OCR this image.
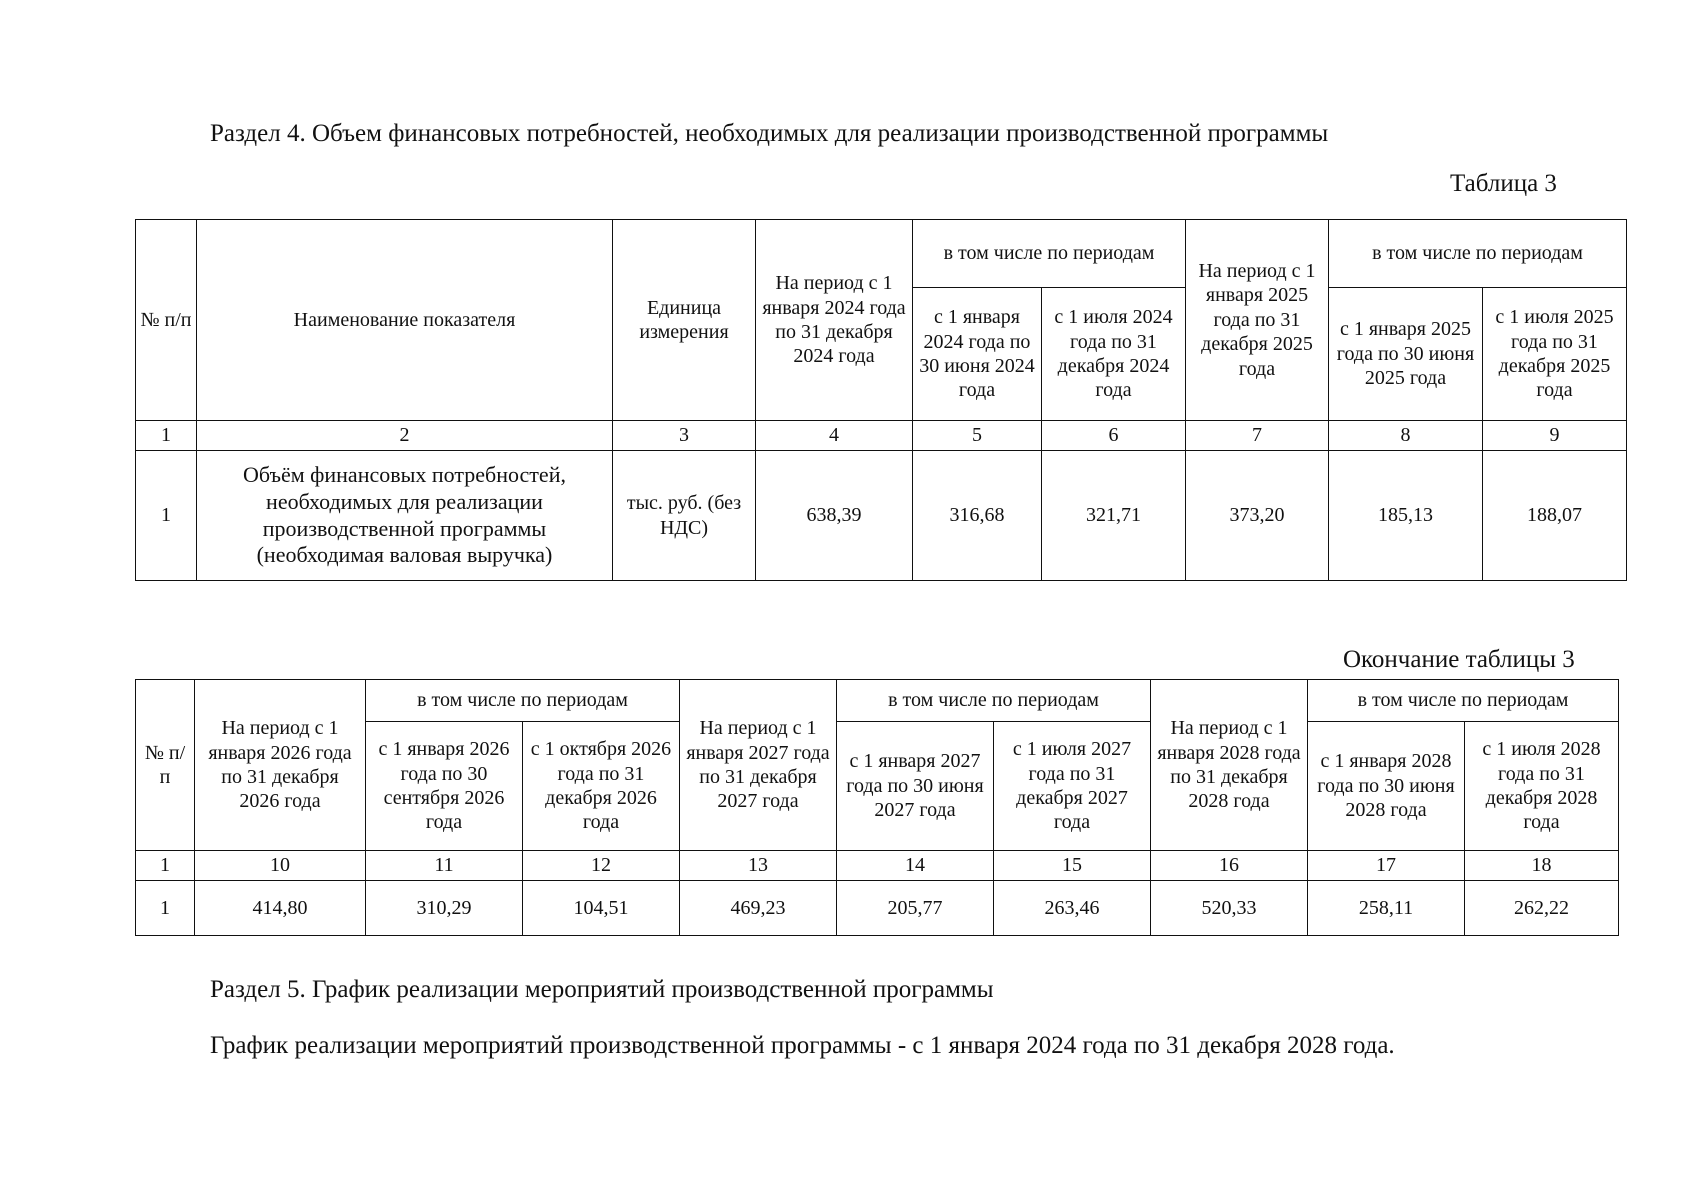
Раздел 4. Объем финансовых потребностей, необходимых для реализации производственной программы
Таблица 3
№ п/п	Наименование показателя	Единица измерения	На период с 1 января 2024 года по 31 декабря 2024 года	в том числе по периодам		На период с 1 января 2025 года по 31 декабря 2025 года	в том числе по периодам	
				с 1 января 2024 года по 30 июня 2024 года	с 1 июля 2024 года по 31 декабря 2024 года		с 1 января 2025 года по 30 июня 2025 года	с 1 июля 2025 года по 31 декабря 2025 года
1	2	3	4	5	6	7	8	9
1	Объём финансовых потребностей, необходимых для реализации производственной программы (необходимая валовая выручка)	тыс. руб. (без НДС)	638,39	316,68	321,71	373,20	185,13	188,07
Окончание таблицы 3
№ п/п	На период с 1 января 2026 года по 31 декабря 2026 года	в том числе по периодам		На период с 1 января 2027 года по 31 декабря 2027 года	в том числе по периодам		На период с 1 января 2028 года по 31 декабря 2028 года	в том числе по периодам	
		с 1 января 2026 года по 30 сентября 2026 года	с 1 октября 2026 года по 31 декабря 2026 года		с 1 января 2027 года по 30 июня 2027 года	с 1 июля 2027 года по 31 декабря 2027 года		с 1 января 2028 года по 30 июня 2028 года	с 1 июля 2028 года по 31 декабря 2028 года
1	10	11	12	13	14	15	16	17	18
1	414,80	310,29	104,51	469,23	205,77	263,46	520,33	258,11	262,22
Раздел 5. График реализации мероприятий производственной программы
График реализации мероприятий производственной программы - с 1 января 2024 года по 31 декабря 2028 года.
